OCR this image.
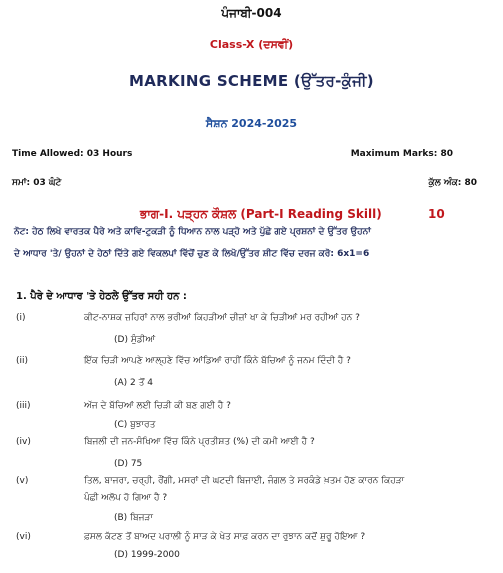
ਪੰਜਾਬੀ-004
Class-X (ਦਸਵੀਂ)
MARKING SCHEME (ਉੱਤਰ-ਕੁੰਜੀ)
ਸੈਸ਼ਨ 2024-2025
Time Allowed: 03 Hours	Maximum Marks: 80
ਸਮਾਂ: 03 ਘੰਟੇ	ਕੁੱਲ ਅੰਕ: 80
ਭਾਗ-I. ਪੜ੍ਹਨ ਕੌਸ਼ਲ (Part-I Reading Skill)	10
ਨੋਟ: ਹੇਠ ਲਿਖੇ ਵਾਰਤਕ ਪੈਰੇ ਅਤੇ ਕਾਵਿ-ਟੁਕੜੀ ਨੂੰ ਧਿਆਨ ਨਾਲ ਪੜ੍ਹੋ ਅਤੇ ਪੁੱਛੇ ਗਏ ਪ੍ਰਸ਼ਨਾਂ ਦੇ ਉੱਤਰ ਉਹਨਾਂ
ਦੇ ਆਧਾਰ 'ਤੇ/ ਉਹਨਾਂ ਦੇ ਹੇਠਾਂ ਦਿੱਤੇ ਗਏ ਵਿਕਲਪਾਂ ਵਿੱਚੋਂ ਚੁਣ ਕੇ ਲਿਖੋ/ਉੱਤਰ ਸ਼ੀਟ ਵਿੱਚ ਦਰਜ ਕਰੋ: 6x1=6
1. ਪੈਰੇ ਦੇ ਆਧਾਰ 'ਤੇ ਹੇਠਲੇ ਉੱਤਰ ਸਹੀ ਹਨ :
(i)	ਕੀਟ-ਨਾਸ਼ਕ ਜ਼ਹਿਰਾਂ ਨਾਲ ਭਰੀਆਂ ਕਿਹੜੀਆਂ ਚੀਜ਼ਾਂ ਖਾ ਕੇ ਚਿੜੀਆਂ ਮਰ ਰਹੀਆਂ ਹਨ ?
(D) ਸੁੰਡੀਆਂ
(ii)	ਇੱਕ ਚਿੜੀ ਆਪਣੇ ਆਲ੍ਹਣੇ ਵਿੱਚ ਆਂਡਿਆਂ ਰਾਹੀਂ ਕਿੰਨੇ ਬੱਚਿਆਂ ਨੂੰ ਜਨਮ ਦਿੰਦੀ ਹੈ ?
(A) 2 ਤੋਂ 4
(iii)	ਅੱਜ ਦੇ ਬੱਚਿਆਂ ਲਈ ਚਿੜੀ ਕੀ ਬਣ ਗਈ ਹੈ ?
(C) ਬੁਝਾਰਤ
(iv)	ਬਿਜਲੀ ਦੀ ਜਨ-ਸੰਖਿਆ ਵਿੱਚ ਕਿੰਨੇ ਪ੍ਰਤੀਸ਼ਤ (%) ਦੀ ਕਮੀ ਆਈ ਹੈ ?
(D) 75
(v)	ਤਿਲ, ਬਾਜਰਾ, ਚਰ੍ਹੀ, ਰੌਂਗੀ, ਮਸਰਾਂ ਦੀ ਘਟਦੀ ਬਿਜਾਈ, ਜੰਗਲ ਤੇ ਸਰਕੰਡੇ ਖ਼ਤਮ ਹੋਣ ਕਾਰਨ ਕਿਹੜਾ
ਪੰਛੀ ਅਲੋਪ ਹੋ ਗਿਆ ਹੈ ?
(B) ਬਿਜੜਾ
(vi)	ਫ਼ਸਲ ਕੱਟਣ ਤੋਂ ਬਾਅਦ ਪਰਾਲੀ ਨੂੰ ਸਾੜ ਕੇ ਖੇਤ ਸਾਫ਼ ਕਰਨ ਦਾ ਰੁਝਾਨ ਕਦੋਂ ਸ਼ੁਰੂ ਹੋਇਆ ?
(D) 1999-2000
